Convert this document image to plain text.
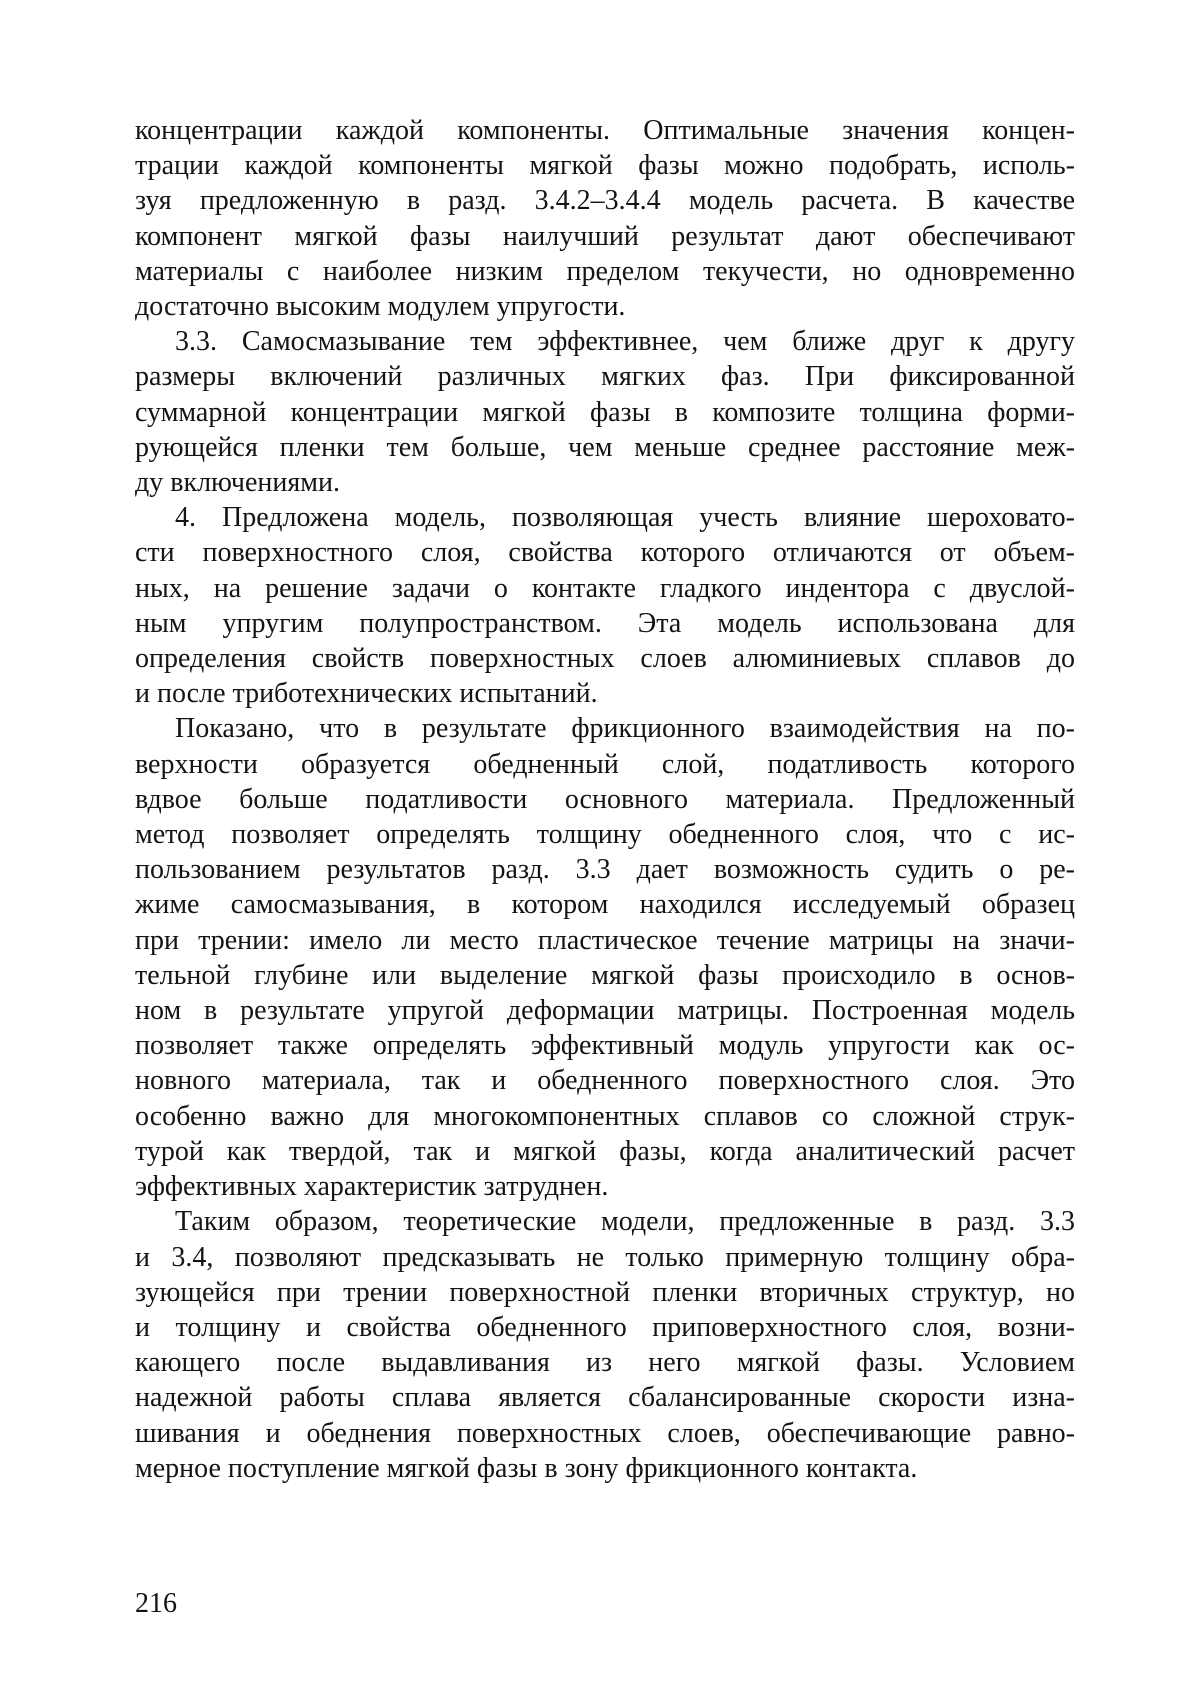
концентрации каждой компоненты. Оптимальные значения концен-
трации каждой компоненты мягкой фазы можно подобрать, исполь-
зуя предложенную в разд. 3.4.2–3.4.4 модель расчета. В качестве
компонент мягкой фазы наилучший результат дают обеспечивают
материалы с наиболее низким пределом текучести, но одновременно
достаточно высоким модулем упругости.
3.3. Самосмазывание тем эффективнее, чем ближе друг к другу
размеры включений различных мягких фаз. При фиксированной
суммарной концентрации мягкой фазы в композите толщина форми-
рующейся пленки тем больше, чем меньше среднее расстояние меж-
ду включениями.
4. Предложена модель, позволяющая учесть влияние шероховато-
сти поверхностного слоя, свойства которого отличаются от объем-
ных, на решение задачи о контакте гладкого индентора с двуслой-
ным упругим полупространством. Эта модель использована для
определения свойств поверхностных слоев алюминиевых сплавов до
и после триботехнических испытаний.
Показано, что в результате фрикционного взаимодействия на по-
верхности образуется обедненный слой, податливость которого
вдвое больше податливости основного материала. Предложенный
метод позволяет определять толщину обедненного слоя, что с ис-
пользованием результатов разд. 3.3 дает возможность судить о ре-
жиме самосмазывания, в котором находился исследуемый образец
при трении: имело ли место пластическое течение матрицы на значи-
тельной глубине или выделение мягкой фазы происходило в основ-
ном в результате упругой деформации матрицы. Построенная модель
позволяет также определять эффективный модуль упругости как ос-
новного материала, так и обедненного поверхностного слоя. Это
особенно важно для многокомпонентных сплавов со сложной струк-
турой как твердой, так и мягкой фазы, когда аналитический расчет
эффективных характеристик затруднен.
Таким образом, теоретические модели, предложенные в разд. 3.3
и 3.4, позволяют предсказывать не только примерную толщину обра-
зующейся при трении поверхностной пленки вторичных структур, но
и толщину и свойства обедненного приповерхностного слоя, возни-
кающего после выдавливания из него мягкой фазы. Условием
надежной работы сплава является сбалансированные скорости изна-
шивания и обеднения поверхностных слоев, обеспечивающие равно-
мерное поступление мягкой фазы в зону фрикционного контакта.
216
